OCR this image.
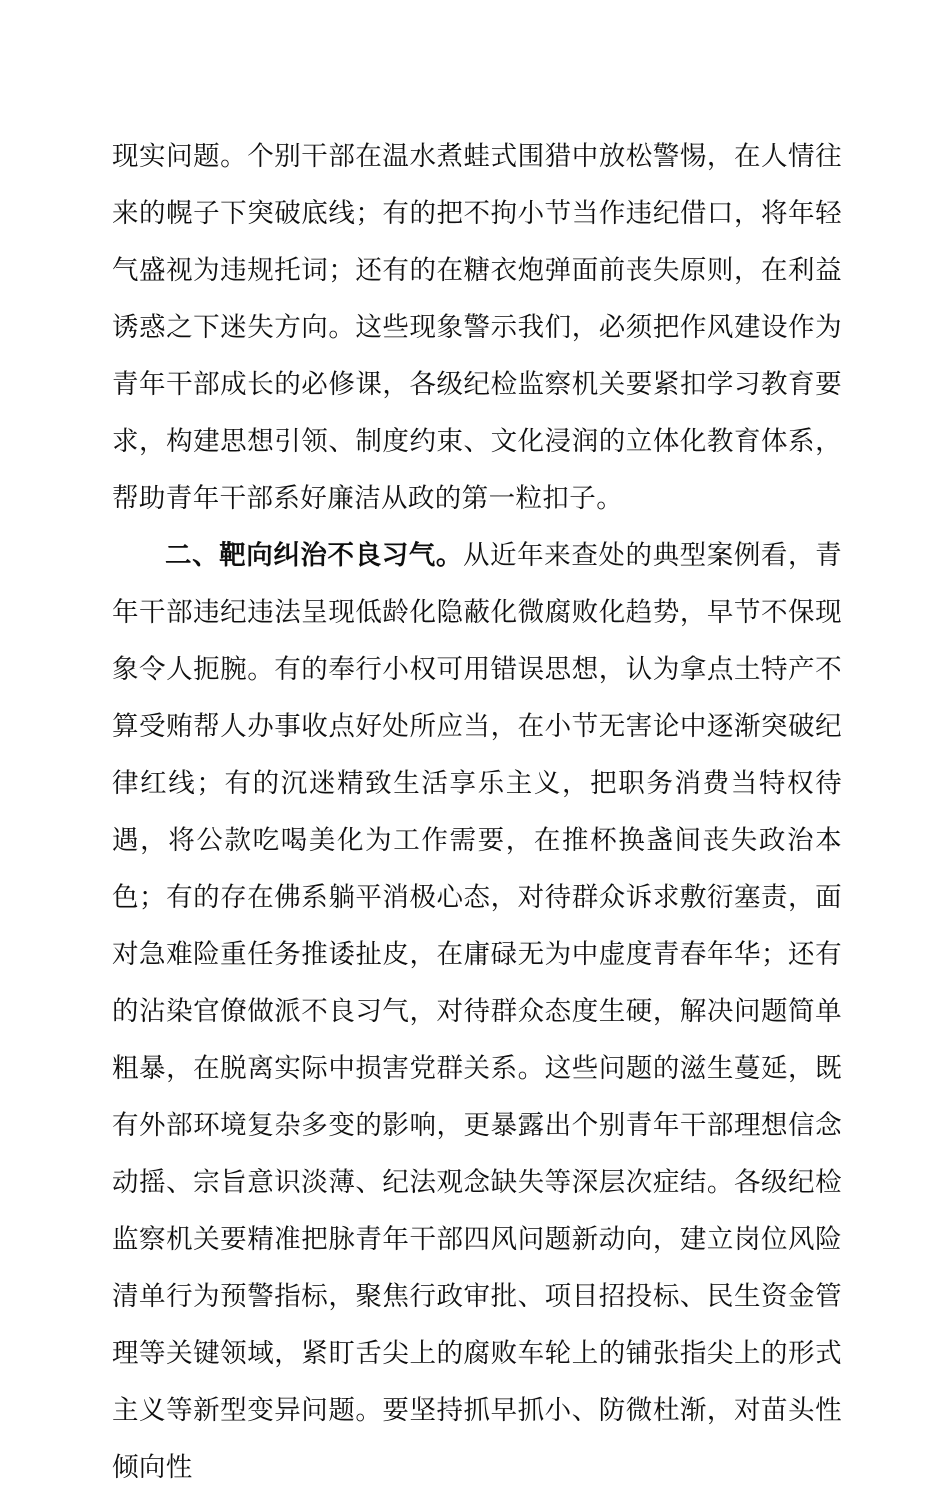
现实问题。个别干部在温水煮蛙式围猎中放松警惕，在人情往来的幌子下突破底线；有的把不拘小节当作违纪借口，将年轻气盛视为违规托词；还有的在糖衣炮弹面前丧失原则，在利益诱惑之下迷失方向。这些现象警示我们，必须把作风建设作为青年干部成长的必修课，各级纪检监察机关要紧扣学习教育要求，构建思想引领、制度约束、文化浸润的立体化教育体系，帮助青年干部系好廉洁从政的第一粒扣子。

二、靶向纠治不良习气。从近年来查处的典型案例看，青年干部违纪违法呈现低龄化隐蔽化微腐败化趋势，早节不保现象令人扼腕。有的奉行小权可用错误思想，认为拿点土特产不算受贿帮人办事收点好处所应当，在小节无害论中逐渐突破纪律红线；有的沉迷精致生活享乐主义，把职务消费当特权待遇，将公款吃喝美化为工作需要，在推杯换盏间丧失政治本色；有的存在佛系躺平消极心态，对待群众诉求敷衍塞责，面对急难险重任务推诿扯皮，在庸碌无为中虚度青春年华；还有的沾染官僚做派不良习气，对待群众态度生硬，解决问题简单粗暴，在脱离实际中损害党群关系。这些问题的滋生蔓延，既有外部环境复杂多变的影响，更暴露出个别青年干部理想信念动摇、宗旨意识淡薄、纪法观念缺失等深层次症结。各级纪检监察机关要精准把脉青年干部四风问题新动向，建立岗位风险清单行为预警指标，聚焦行政审批、项目招投标、民生资金管理等关键领域，紧盯舌尖上的腐败车轮上的铺张指尖上的形式主义等新型变异问题。要坚持抓早抓小、防微杜渐，对苗头性倾向性
